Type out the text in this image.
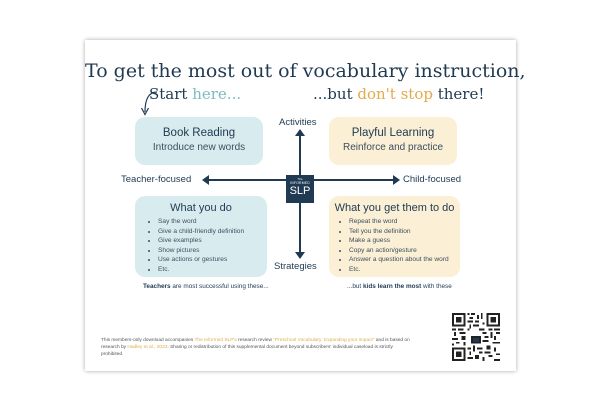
To get the most out of vocabulary instruction,
Start here...	...but don't stop there!
Activities
Strategies
Teacher-focused	Child-focused
The
INFORMED
SLP
Book Reading
Introduce new words
Playful Learning
Reinforce and practice
What you do
• Say the word
• Give a child-friendly definition
• Give examples
• Show pictures
• Use actions or gestures
• Etc.
What you get them to do
• Repeat the word
• Tell you the definition
• Make a guess
• Copy an action/gesture
• Answer a question about the word
• Etc.
Teachers are most successful using these...	...but kids learn the most with these
This members-only download accompanies The Informed SLP's research review "Preschool Vocabulary: Expanding your impact" and is based on research by Hadley et al., 2022. Sharing or redistribution of this supplemental document beyond subscribers' individual caseload is strictly prohibited.
